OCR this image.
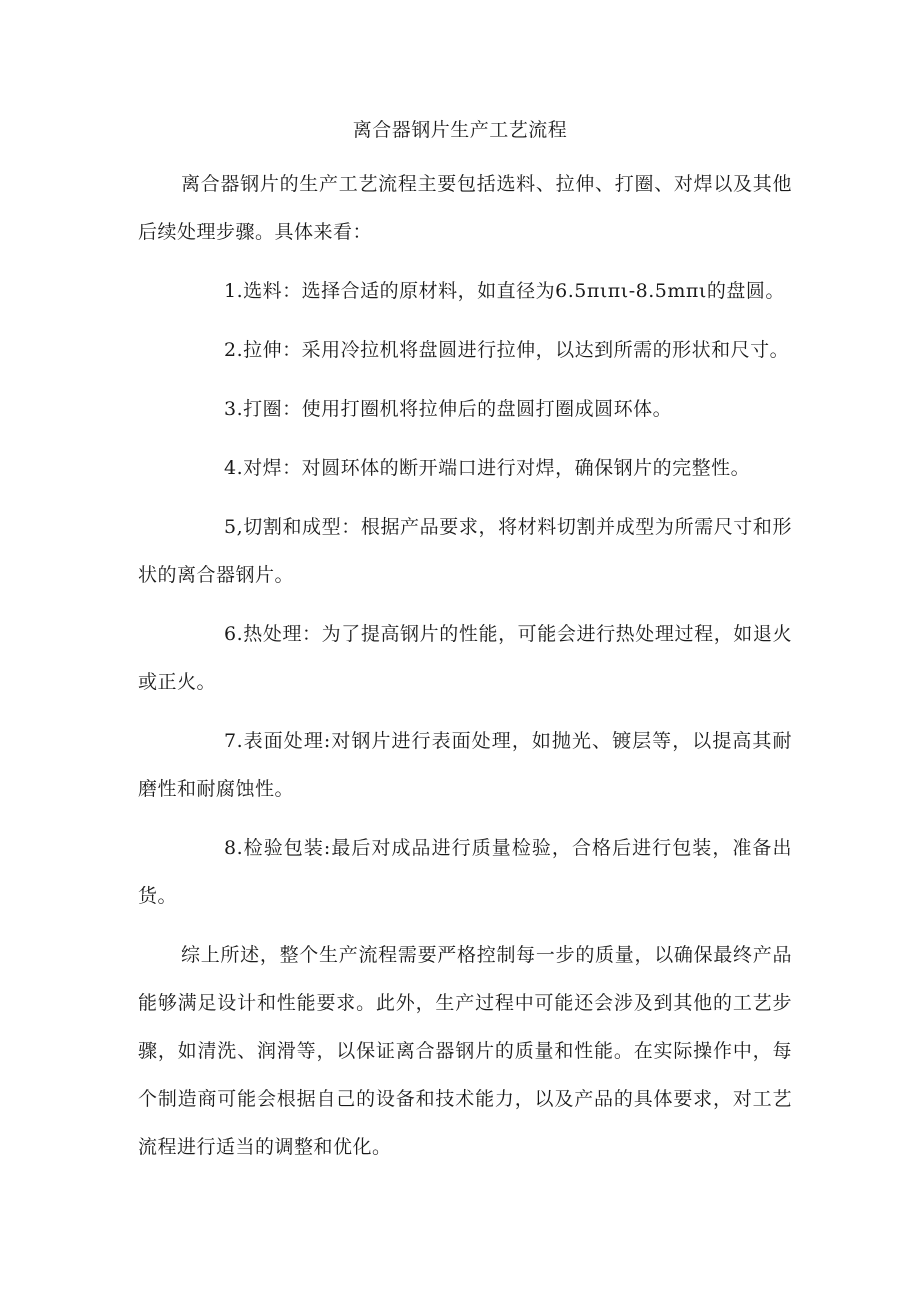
离合器钢片生产工艺流程

离合器钢片的生产工艺流程主要包括选料、拉伸、打圈、对焊以及其他后续处理步骤。具体来看：

1.选料：选择合适的原材料，如直径为6.5πιπι-8.5mπι的盘圆。

2.拉伸：采用冷拉机将盘圆进行拉伸，以达到所需的形状和尺寸。

3.打圈：使用打圈机将拉伸后的盘圆打圈成圆环体。

4.对焊：对圆环体的断开端口进行对焊，确保钢片的完整性。

5,切割和成型：根据产品要求，将材料切割并成型为所需尺寸和形状的离合器钢片。

6.热处理：为了提高钢片的性能，可能会进行热处理过程，如退火或正火。

7.表面处理:对钢片进行表面处理，如抛光、镀层等，以提高其耐磨性和耐腐蚀性。

8.检验包装:最后对成品进行质量检验，合格后进行包装，准备出货。

综上所述，整个生产流程需要严格控制每一步的质量，以确保最终产品能够满足设计和性能要求。此外，生产过程中可能还会涉及到其他的工艺步骤，如清洗、润滑等，以保证离合器钢片的质量和性能。在实际操作中，每个制造商可能会根据自己的设备和技术能力，以及产品的具体要求，对工艺流程进行适当的调整和优化。
